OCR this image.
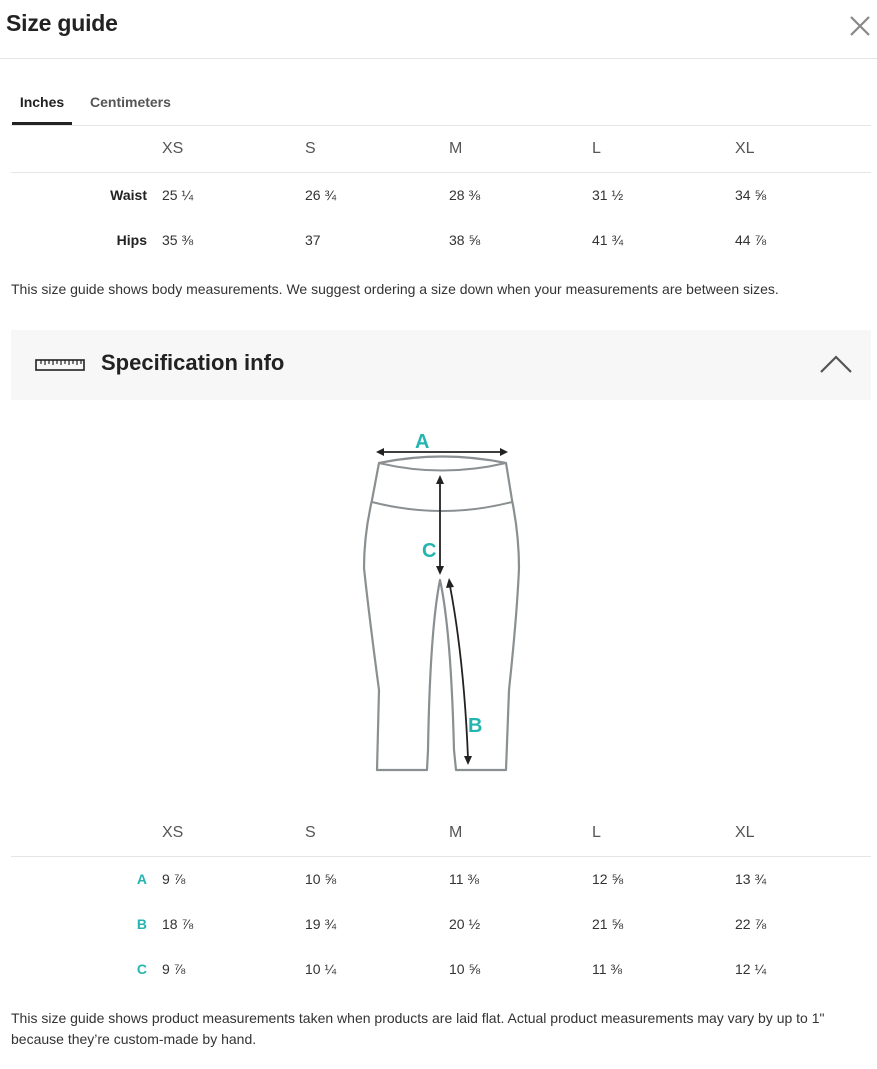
Size guide
Inches	Centimeters
	XS	S	M	L	XL
Waist	25 ¼	26 ¾	28 ⅜	31 ½	34 ⅝
Hips	35 ⅜	37	38 ⅝	41 ¾	44 ⅞
This size guide shows body measurements. We suggest ordering a size down when your measurements are between sizes.
Specification info
A
C
B
	XS	S	M	L	XL
A	9 ⅞	10 ⅝	11 ⅜	12 ⅝	13 ¾
B	18 ⅞	19 ¾	20 ½	21 ⅝	22 ⅞
C	9 ⅞	10 ¼	10 ⅝	11 ⅜	12 ¼
This size guide shows product measurements taken when products are laid flat. Actual product measurements may vary by up to 1" because they’re custom-made by hand.
